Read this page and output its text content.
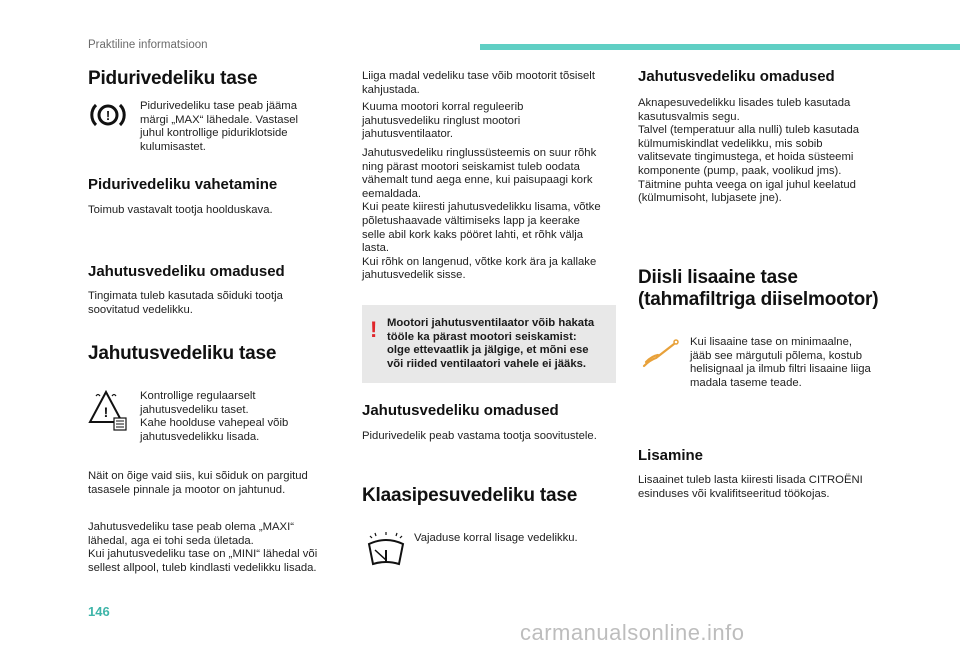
Praktiline informatsioon
Pidurivedeliku tase
!
Pidurivedeliku tase peab jääma
märgi „MAX“ lähedale. Vastasel
juhul kontrollige piduriklotside
kulumisastet.
Pidurivedeliku vahetamine
Toimub vastavalt tootja hoolduskava.
Jahutusvedeliku omadused
Tingimata tuleb kasutada sõiduki tootja
soovitatud vedelikku.
Jahutusvedeliku tase
!
Kontrollige regulaarselt
jahutusvedeliku taset.
Kahe hoolduse vahepeal võib
jahutusvedelikku lisada.
Näit on õige vaid siis, kui sõiduk on pargitud
tasasele pinnale ja mootor on jahtunud.
Jahutusvedeliku tase peab olema „MAXI“
lähedal, aga ei tohi seda ületada.
Kui jahutusvedeliku tase on „MINI“ lähedal või
sellest allpool, tuleb kindlasti vedelikku lisada.
Liiga madal vedeliku tase võib mootorit tõsiselt
kahjustada.
Kuuma mootori korral reguleerib
jahutusvedeliku ringlust mootori
jahutusventilaator.
Jahutusvedeliku ringlussüsteemis on suur rõhk
ning pärast mootori seiskamist tuleb oodata
vähemalt tund aega enne, kui paisupaagi kork
eemaldada.
Kui peate kiiresti jahutusvedelikku lisama, võtke
põletushaavade vältimiseks lapp ja keerake
selle abil kork kaks pööret lahti, et rõhk välja
lasta.
Kui rõhk on langenud, võtke kork ära ja kallake
jahutusvedelik sisse.
! Mootori jahutusventilaator võib hakata
tööle ka pärast mootori seiskamist:
olge ettevaatlik ja jälgige, et mõni ese
või riided ventilaatori vahele ei jääks.
Jahutusvedeliku omadused
Pidurivedelik peab vastama tootja soovitustele.
Klaasipesuvedeliku tase
Vajaduse korral lisage vedelikku.
Jahutusvedeliku omadused
Aknapesuvedelikku lisades tuleb kasutada
kasutusvalmis segu.
Talvel (temperatuur alla nulli) tuleb kasutada
külmumiskindlat vedelikku, mis sobib
valitsevate tingimustega, et hoida süsteemi
komponente (pump, paak, voolikud jms).
Täitmine puhta veega on igal juhul keelatud
(külmumisoht, lubjasete jne).
Diisli lisaaine tase
(tahmafiltriga diiselmootor)
Kui lisaaine tase on minimaalne,
jääb see märgutuli põlema, kostub
helisignaal ja ilmub filtri lisaaine liiga
madala taseme teade.
Lisamine
Lisaainet tuleb lasta kiiresti lisada CITROËNI
esinduses või kvalifitseeritud töökojas.
146
carmanualsonline.info
